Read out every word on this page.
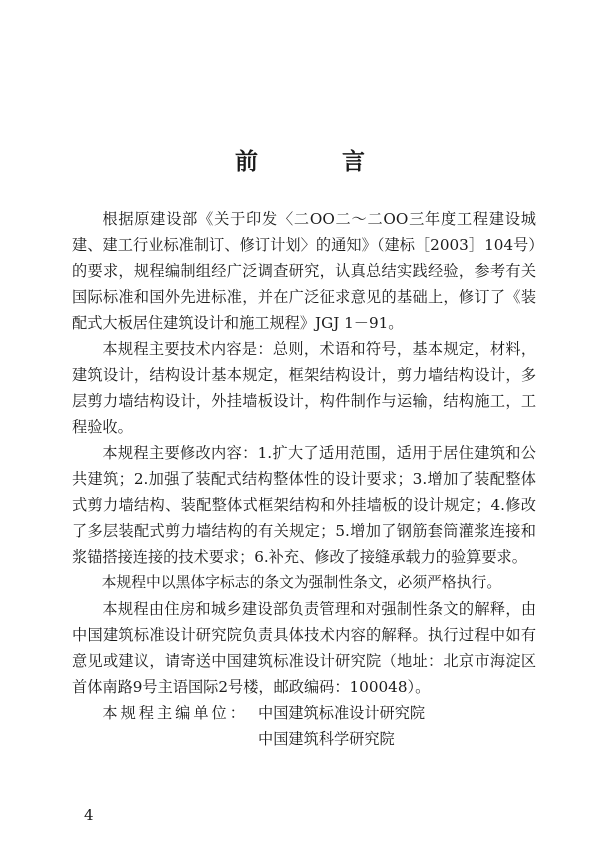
前 言

根据原建设部《关于印发〈二OO二～二OO三年度工程建设城建、建工行业标准制订、修订计划〉的通知》（建标［2003］104号）的要求，规程编制组经广泛调查研究，认真总结实践经验，参考有关国际标准和国外先进标准，并在广泛征求意见的基础上，修订了《装配式大板居住建筑设计和施工规程》JGJ 1－91。

本规程主要技术内容是：总则，术语和符号，基本规定，材料，建筑设计，结构设计基本规定，框架结构设计，剪力墙结构设计，多层剪力墙结构设计，外挂墙板设计，构件制作与运输，结构施工，工程验收。

本规程主要修改内容：1.扩大了适用范围，适用于居住建筑和公共建筑；2.加强了装配式结构整体性的设计要求；3.增加了装配整体式剪力墙结构、装配整体式框架结构和外挂墙板的设计规定；4.修改了多层装配式剪力墙结构的有关规定；5.增加了钢筋套筒灌浆连接和浆锚搭接连接的技术要求；6.补充、修改了接缝承载力的验算要求。

本规程中以黑体字标志的条文为强制性条文，必须严格执行。

本规程由住房和城乡建设部负责管理和对强制性条文的解释，由中国建筑标准设计研究院负责具体技术内容的解释。执行过程中如有意见或建议，请寄送中国建筑标准设计研究院（地址：北京市海淀区首体南路9号主语国际2号楼，邮政编码：100048）。

本规程主编单位： 中国建筑标准设计研究院
中国建筑科学研究院
4
